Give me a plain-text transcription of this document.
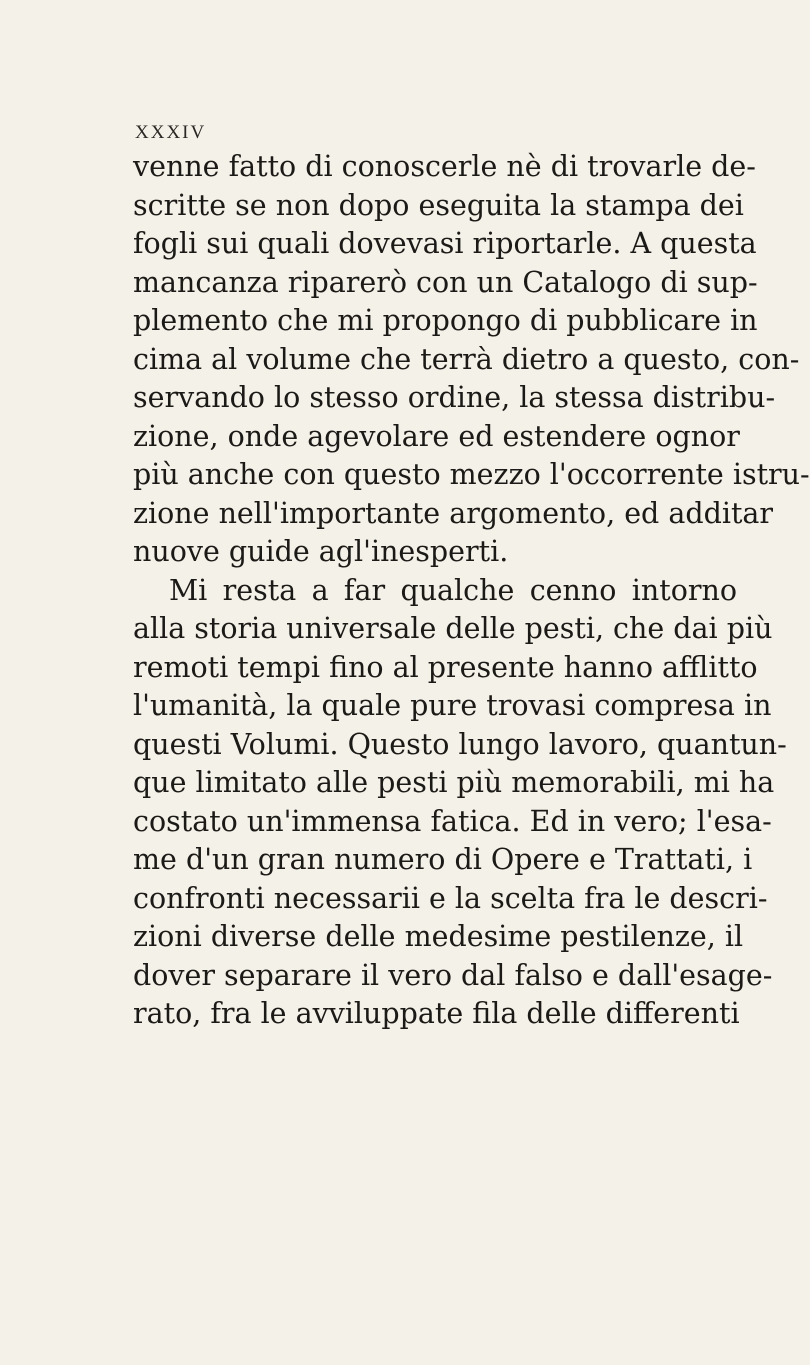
XXXIV
venne fatto di conoscerle nè di trovarle de-
scritte se non dopo eseguita la stampa dei
fogli sui quali dovevasi riportarle. A questa
mancanza riparerò con un Catalogo di sup-
plemento che mi propongo di pubblicare in
cima al volume che terrà dietro a questo, con-
servando lo stesso ordine, la stessa distribu-
zione, onde agevolare ed estendere ognor
più anche con questo mezzo l'occorrente istru-
zione nell'importante argomento, ed additar
nuove guide agl'inesperti.
Mi resta a far qualche cenno intorno
alla storia universale delle pesti, che dai più
remoti tempi fino al presente hanno afflitto
l'umanità, la quale pure trovasi compresa in
questi Volumi. Questo lungo lavoro, quantun-
que limitato alle pesti più memorabili, mi ha
costato un'immensa fatica. Ed in vero; l'esa-
me d'un gran numero di Opere e Trattati, i
confronti necessarii e la scelta fra le descri-
zioni diverse delle medesime pestilenze, il
dover separare il vero dal falso e dall'esage-
rato, fra le avviluppate fila delle differenti
